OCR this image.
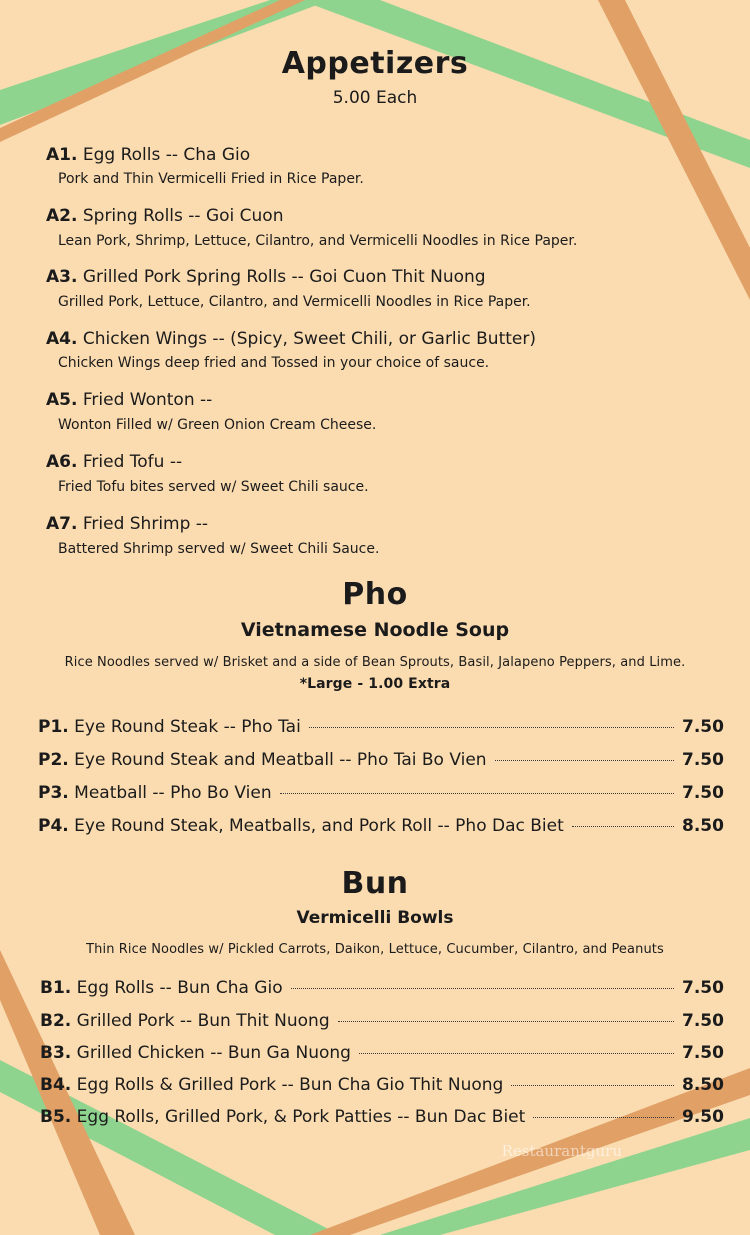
Appetizers
5.00 Each
A1. Egg Rolls -- Cha Gio
Pork and Thin Vermicelli Fried in Rice Paper.
A2. Spring Rolls -- Goi Cuon
Lean Pork, Shrimp, Lettuce, Cilantro, and Vermicelli Noodles in Rice Paper.
A3. Grilled Pork Spring Rolls -- Goi Cuon Thit Nuong
Grilled Pork, Lettuce, Cilantro, and Vermicelli Noodles in Rice Paper.
A4. Chicken Wings -- (Spicy, Sweet Chili, or Garlic Butter)
Chicken Wings deep fried and Tossed in your choice of sauce.
A5. Fried Wonton --
Wonton Filled w/ Green Onion Cream Cheese.
A6. Fried Tofu --
Fried Tofu bites served w/ Sweet Chili sauce.
A7. Fried Shrimp --
Battered Shrimp served w/ Sweet Chili Sauce.
Pho
Vietnamese Noodle Soup
Rice Noodles served w/ Brisket and a side of Bean Sprouts, Basil, Jalapeno Peppers, and Lime.
*Large - 1.00 Extra
P1. Eye Round Steak -- Pho Tai	7.50
P2. Eye Round Steak and Meatball -- Pho Tai Bo Vien	7.50
P3. Meatball -- Pho Bo Vien	7.50
P4. Eye Round Steak, Meatballs, and Pork Roll -- Pho Dac Biet	8.50
Bun
Vermicelli Bowls
Thin Rice Noodles w/ Pickled Carrots, Daikon, Lettuce, Cucumber, Cilantro, and Peanuts
B1. Egg Rolls -- Bun Cha Gio	7.50
B2. Grilled Pork -- Bun Thit Nuong	7.50
B3. Grilled Chicken -- Bun Ga Nuong	7.50
B4. Egg Rolls & Grilled Pork -- Bun Cha Gio Thit Nuong	8.50
B5. Egg Rolls, Grilled Pork, & Pork Patties -- Bun Dac Biet	9.50
Restaurantguru
